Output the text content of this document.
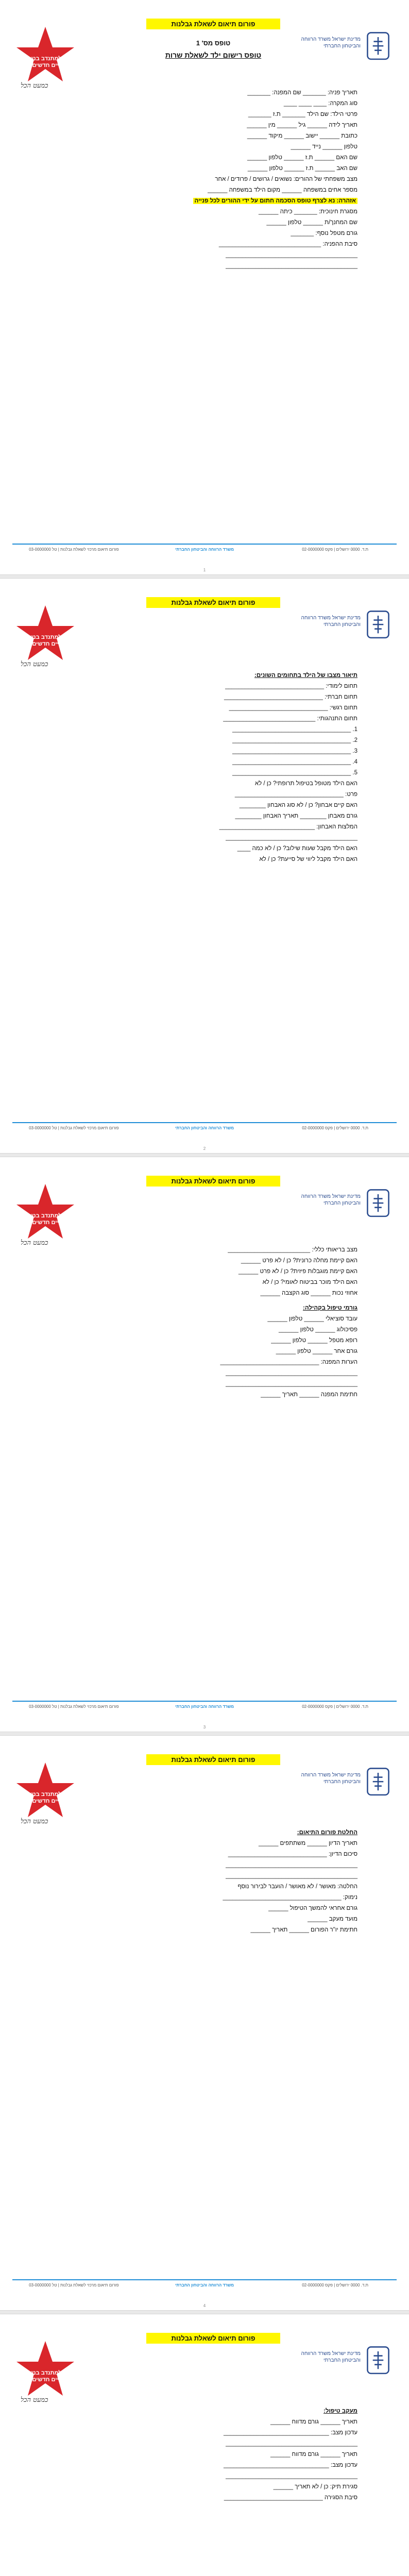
פורום תיאום לשאלת גבלנות
מדינת ישראל משרד הרווחה והביטחון החברתי
עוזר למתנדב בנשמה חיים חדשים
כמעט הכל
טופס מס' 1
טופס רישום ילד לשאלת שרות
תאריך פניה: _______ שם המפנה: _______
סוג המקרה: ____ ____ ____
פרטי הילד: שם הילד _______ ת.ז _______
תאריך לידה ______ גיל ______ מין ______
כתובת ______ יישוב ______ מיקוד ______
טלפון ______ נייד ______
שם האם ______ ת.ז ______ טלפון ______
שם האב ______ ת.ז ______ טלפון ______
מצב משפחתי של ההורים: נשואים / גרושים / פרודים / אחר
מספר אחים במשפחה ______ מקום הילד במשפחה ______
אזהרה: נא לצרף טופס הסכמה חתום על ידי ההורים לכל פנייה
מסגרת חינוכית: _______ כיתה ______
שם המחנך/ת ______ טלפון ______
גורם מטפל נוסף: _______
סיבת ההפניה: _______________________________
________________________________________
________________________________________
ת.ד. 0000 ירושלים | פקס 02-0000000
משרד הרווחה והביטחון החברתי
פורום תיאום מרכזי לשאלת גבלנות | טל 03-0000000
1
פורום תיאום לשאלת גבלנות
מדינת ישראל משרד הרווחה והביטחון החברתי
עוזר למתנדב בנשמה חיים חדשים
כמעט הכל
תיאור מצבו של הילד בתחומים השונים:
תחום לימודי: ______________________________
תחום חברתי: ______________________________
תחום רגשי: ______________________________
תחום התנהגותי: ____________________________
1. ____________________________________
2. ____________________________________
3. ____________________________________
4. ____________________________________
5. ____________________________________
האם הילד מטופל בטיפול תרופתי? כן / לא
פרט: _________________________________
האם קיים אבחון? כן / לא סוג האבחון ________
גורם מאבחן ________ תאריך האבחון ________
המלצות האבחון: _____________________________
________________________________________
האם הילד מקבל שעות שילוב? כן / לא כמה ____
האם הילד מקבל ליווי של סייעת? כן / לא
ת.ד. 0000 ירושלים | פקס 02-0000000
משרד הרווחה והביטחון החברתי
פורום תיאום מרכזי לשאלת גבלנות | טל 03-0000000
2
פורום תיאום לשאלת גבלנות
מדינת ישראל משרד הרווחה והביטחון החברתי
עוזר למתנדב בנשמה חיים חדשים
כמעט הכל
מצב בריאותי כללי: _________________________
האם קיימת מחלה כרונית? כן / לא פרט ______
האם קיימת מוגבלות פיזית? כן / לא פרט ______
האם הילד מוכר בביטוח לאומי? כן / לא
אחוזי נכות ______ סוג הקצבה ______
גורמי טיפול בקהילה:
עובד סוציאלי ______ טלפון ______
פסיכולוג ______ טלפון ______
רופא מטפל ______ טלפון ______
גורם אחר ______ טלפון ______
הערות המפנה: ______________________________
________________________________________
________________________________________
חתימת המפנה ______ תאריך ______
ת.ד. 0000 ירושלים | פקס 02-0000000
משרד הרווחה והביטחון החברתי
פורום תיאום מרכזי לשאלת גבלנות | טל 03-0000000
3
פורום תיאום לשאלת גבלנות
מדינת ישראל משרד הרווחה והביטחון החברתי
עוזר למתנדב בנשמה חיים חדשים
כמעט הכל
החלטת פורום התיאום:
תאריך הדיון ______ משתתפים ______
סיכום הדיון: ______________________________
________________________________________
________________________________________
החלטה: מאושר / לא מאושר / הועבר לבירור נוסף
נימוק: ____________________________________
גורם אחראי להמשך הטיפול ______
מועד מעקב ______
חתימת יו"ר הפורום ______ תאריך ______
ת.ד. 0000 ירושלים | פקס 02-0000000
משרד הרווחה והביטחון החברתי
פורום תיאום מרכזי לשאלת גבלנות | טל 03-0000000
4
פורום תיאום לשאלת גבלנות
מדינת ישראל משרד הרווחה והביטחון החברתי
עוזר למתנדב בנשמה חיים חדשים
כמעט הכל
מעקב טיפול:
תאריך ______ גורם מדווח ______
עדכון מצב: ________________________________
________________________________________
תאריך ______ גורם מדווח ______
עדכון מצב: ________________________________
________________________________________
סגירת תיק: כן / לא תאריך ______
סיבת הסגירה ______________________________
